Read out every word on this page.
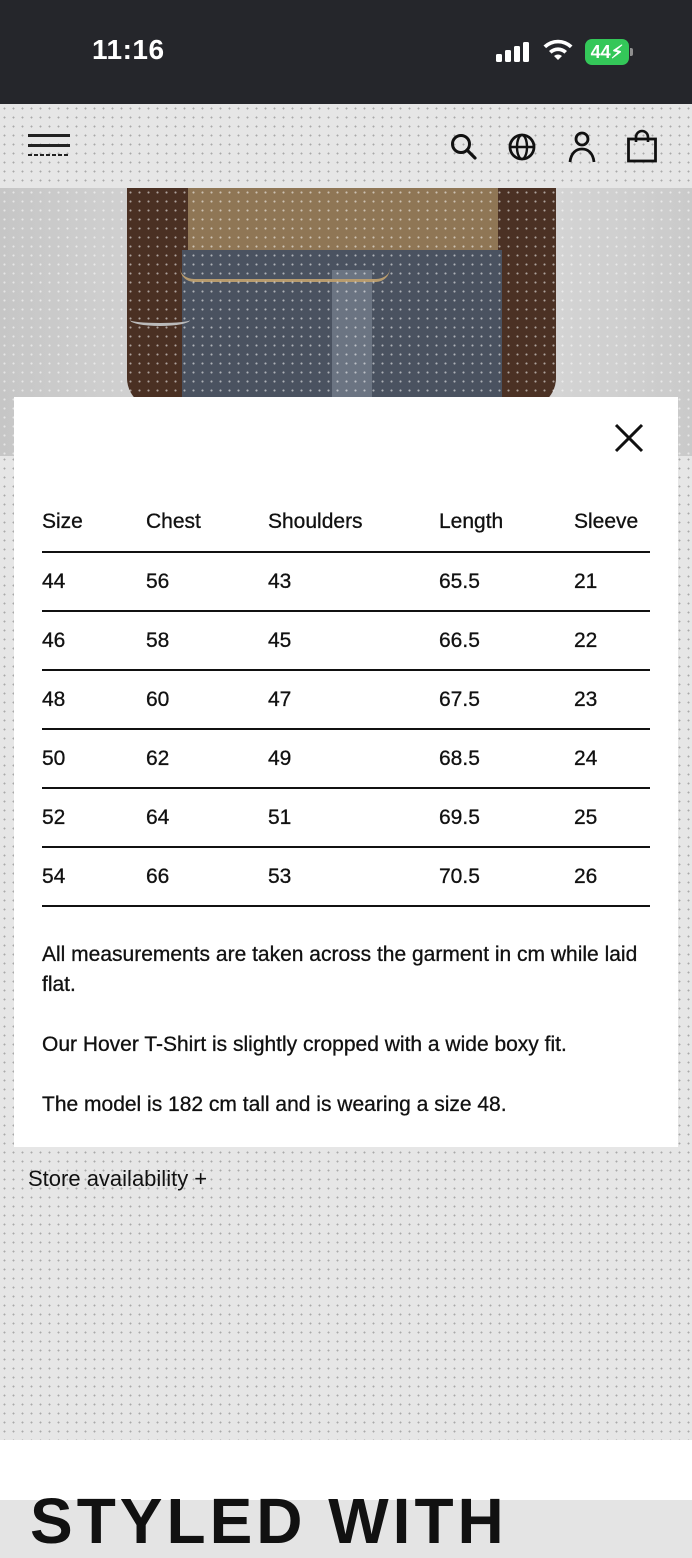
11:16	44⚡︎
Store availability +
Size	Chest	Shoulders	Length	Sleeve
44	56	43	65.5	21
46	58	45	66.5	22
48	60	47	67.5	23
50	62	49	68.5	24
52	64	51	69.5	25
54	66	53	70.5	26

All measurements are taken across the garment in cm while laid flat.

Our Hover T-Shirt is slightly cropped with a wide boxy fit.

The model is 182 cm tall and is wearing a size 48.

STYLED WITH
